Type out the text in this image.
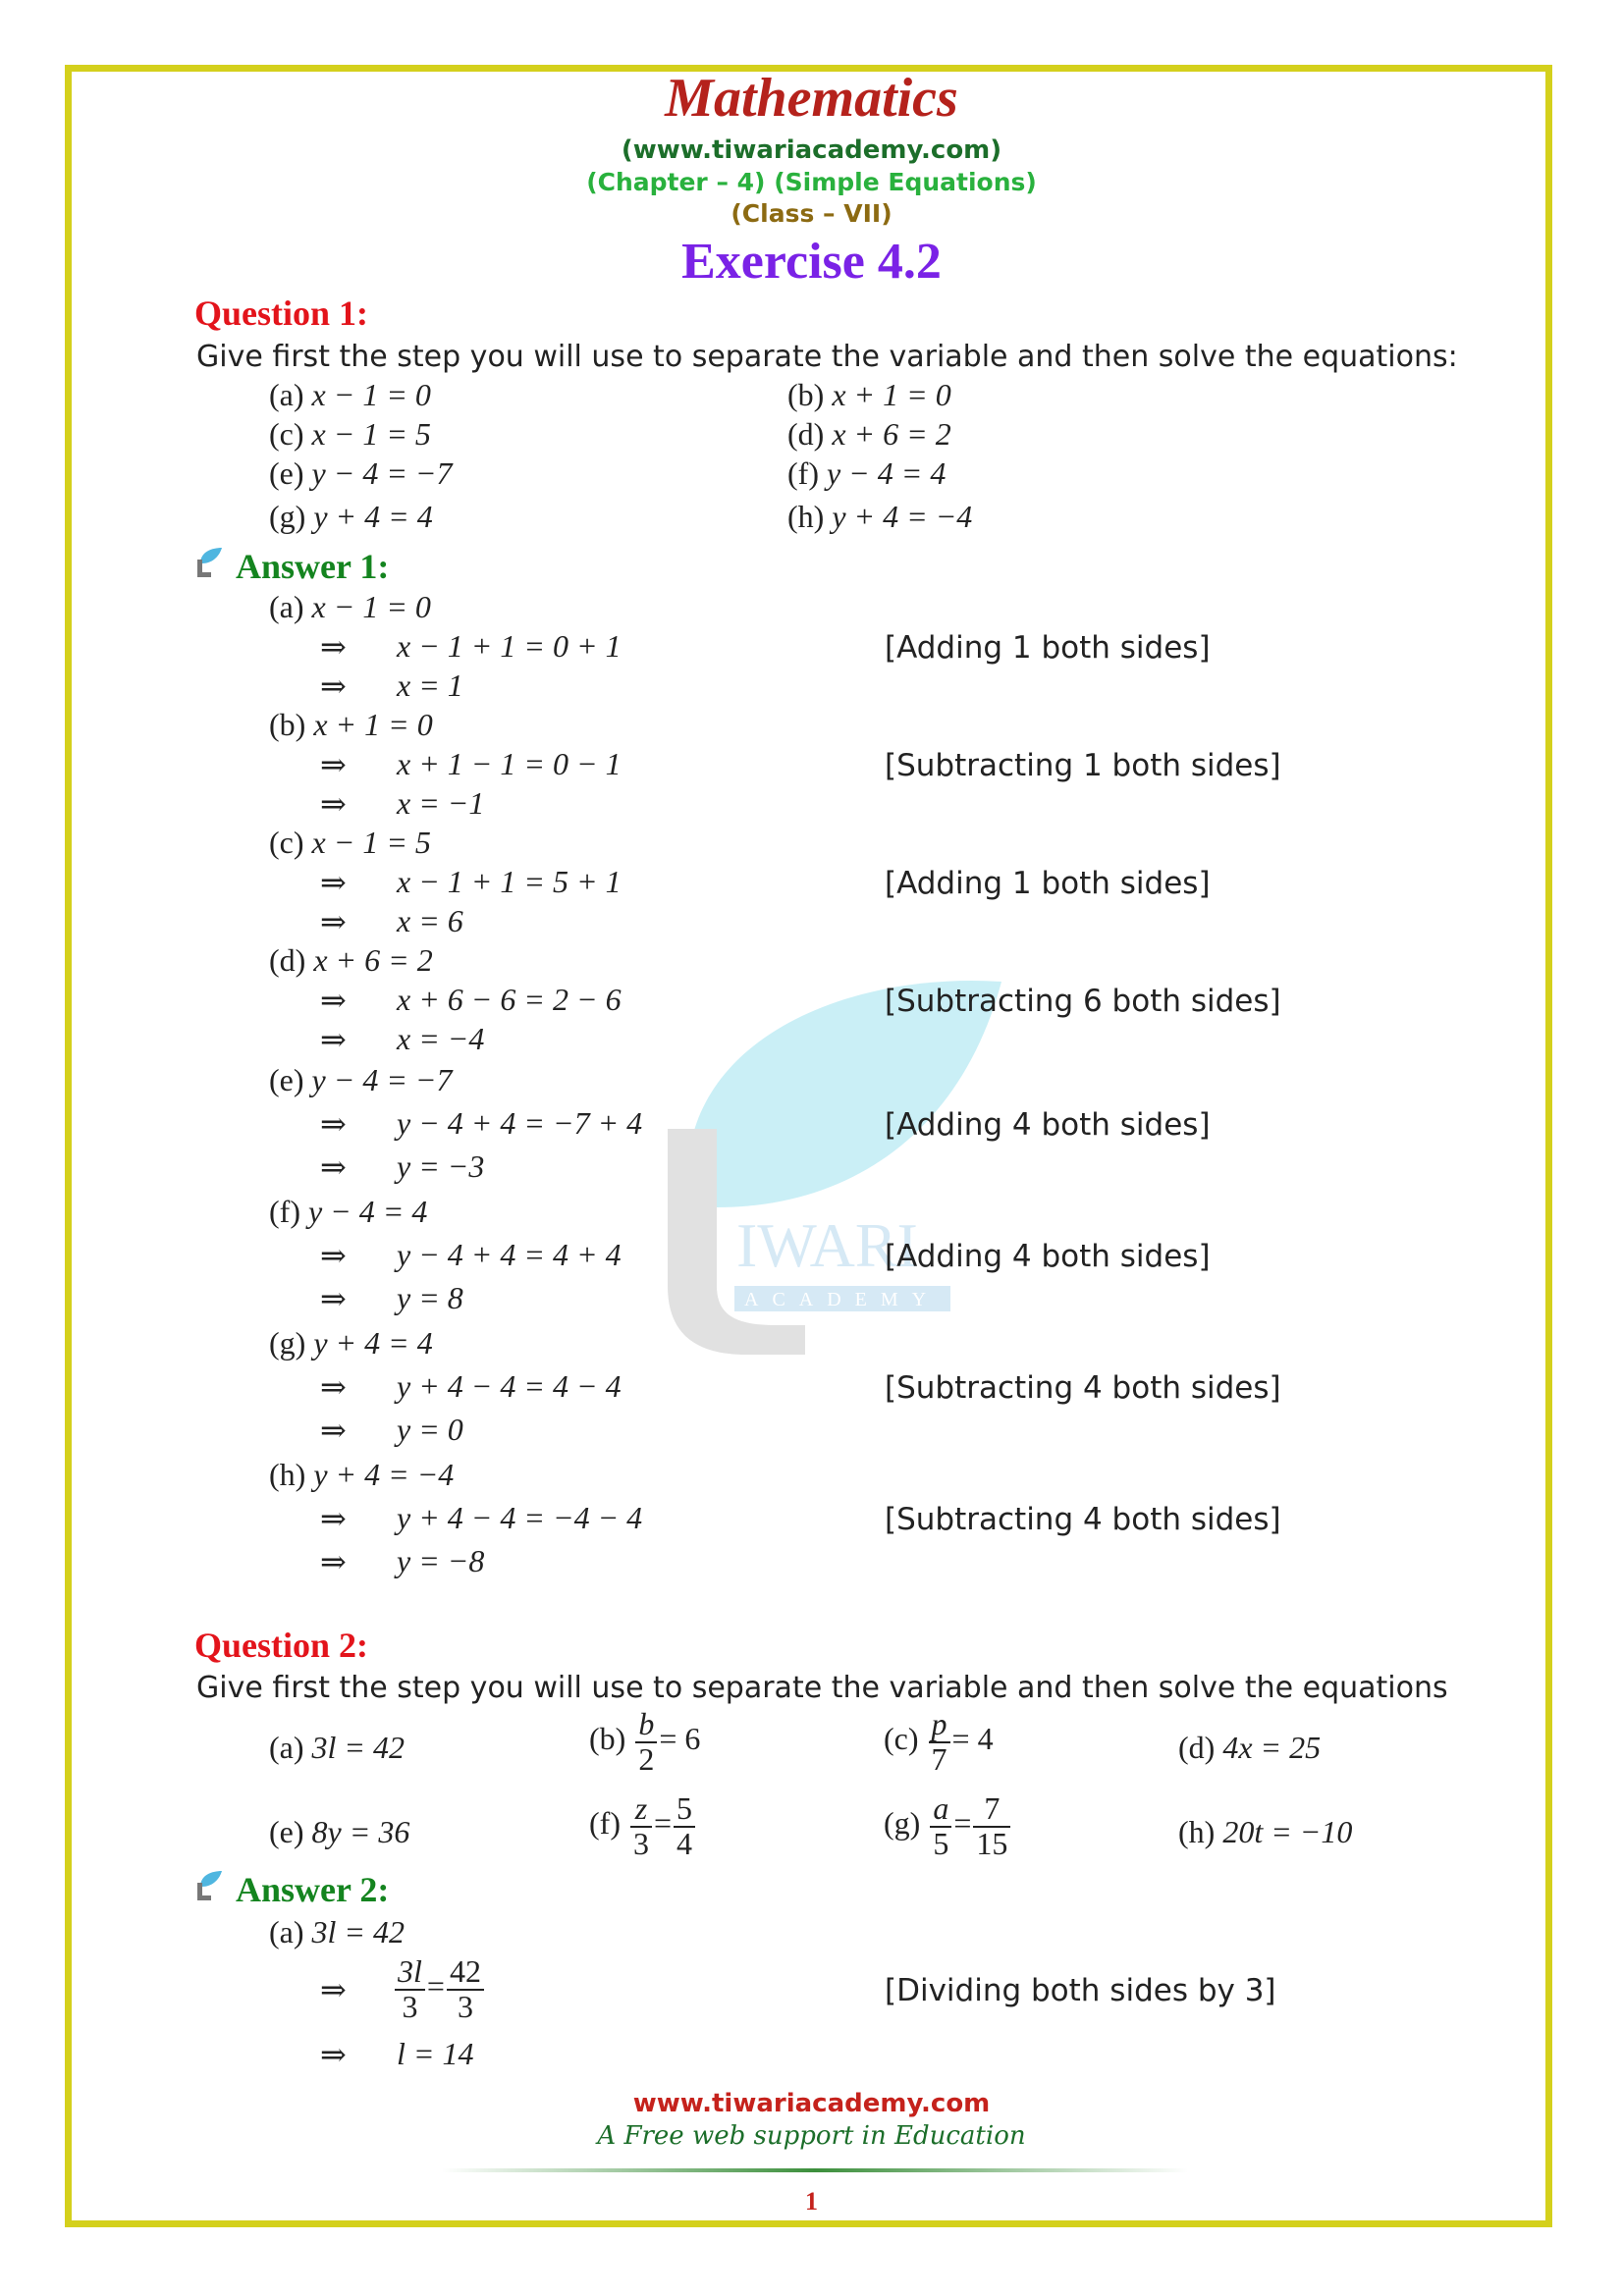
IWARI
ACADEMY
Mathematics
(www.tiwariacademy.com)
(Chapter – 4) (Simple Equations)
(Class – VII)
Exercise 4.2
Question 1:
Give first the step you will use to separate the variable and then solve the equations:
(a) x − 1 = 0	(b) x + 1 = 0
(c) x − 1 = 5	(d) x + 6 = 2
(e) y − 4 = −7	(f) y − 4 = 4
(g) y + 4 = 4	(h) y + 4 = −4
Answer 1:
(a) x − 1 = 0
⇒ x − 1 + 1 = 0 + 1	[Adding 1 both sides]
⇒ x = 1
(b) x + 1 = 0
⇒ x + 1 − 1 = 0 − 1	[Subtracting 1 both sides]
⇒ x = −1
(c) x − 1 = 5
⇒ x − 1 + 1 = 5 + 1	[Adding 1 both sides]
⇒ x = 6
(d) x + 6 = 2
⇒ x + 6 − 6 = 2 − 6	[Subtracting 6 both sides]
⇒ x = −4
(e) y − 4 = −7
⇒ y − 4 + 4 = −7 + 4	[Adding 4 both sides]
⇒ y = −3
(f) y − 4 = 4
⇒ y − 4 + 4 = 4 + 4	[Adding 4 both sides]
⇒ y = 8
(g) y + 4 = 4
⇒ y + 4 − 4 = 4 − 4	[Subtracting 4 both sides]
⇒ y = 0
(h) y + 4 = −4
⇒ y + 4 − 4 = −4 − 4	[Subtracting 4 both sides]
⇒ y = −8
Question 2:
Give first the step you will use to separate the variable and then solve the equations
(a) 3l = 42	$(b) \frac{b}{2} = 6$	$(c) \frac{p}{7} = 4$	(d) 4x = 25
(e) 8y = 36	$(f) \frac{z}{3} = \frac{5}{4}$	$(g) \frac{a}{5} = \frac{7}{15}$	(h) 20t = −10
Answer 2:
(a) 3l = 42
⇒ $\frac{3l}{3} = \frac{42}{3}$	[Dividing both sides by 3]
⇒ l = 14
www.tiwariacademy.com
A Free web support in Education
1
